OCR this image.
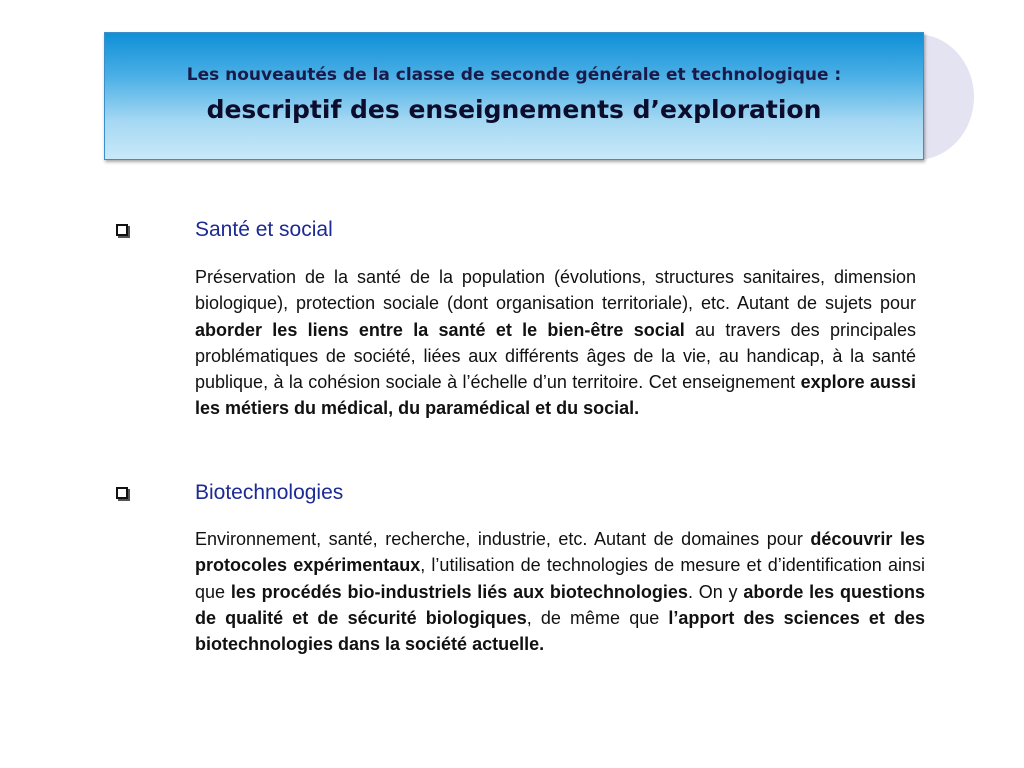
Les nouveautés de la classe de seconde générale et technologique :
descriptif des enseignements d’exploration
Santé et social

Préservation de la santé de la population (évolutions, structures sanitaires, dimension biologique), protection sociale (dont organisation territoriale), etc. Autant de sujets pour aborder les liens entre la santé et le bien-être social au travers des principales problématiques de société, liées aux différents âges de la vie, au handicap, à la santé publique, à la cohésion sociale à l’échelle d’un territoire. Cet enseignement explore aussi les métiers du médical, du paramédical et du social.

Biotechnologies

Environnement, santé, recherche, industrie, etc. Autant de domaines pour découvrir les protocoles expérimentaux, l’utilisation de technologies de mesure et d’identification ainsi que les procédés bio-industriels liés aux biotechnologies. On y aborde les questions de qualité et de sécurité biologiques, de même que l’apport des sciences et des biotechnologies dans la société actuelle.
